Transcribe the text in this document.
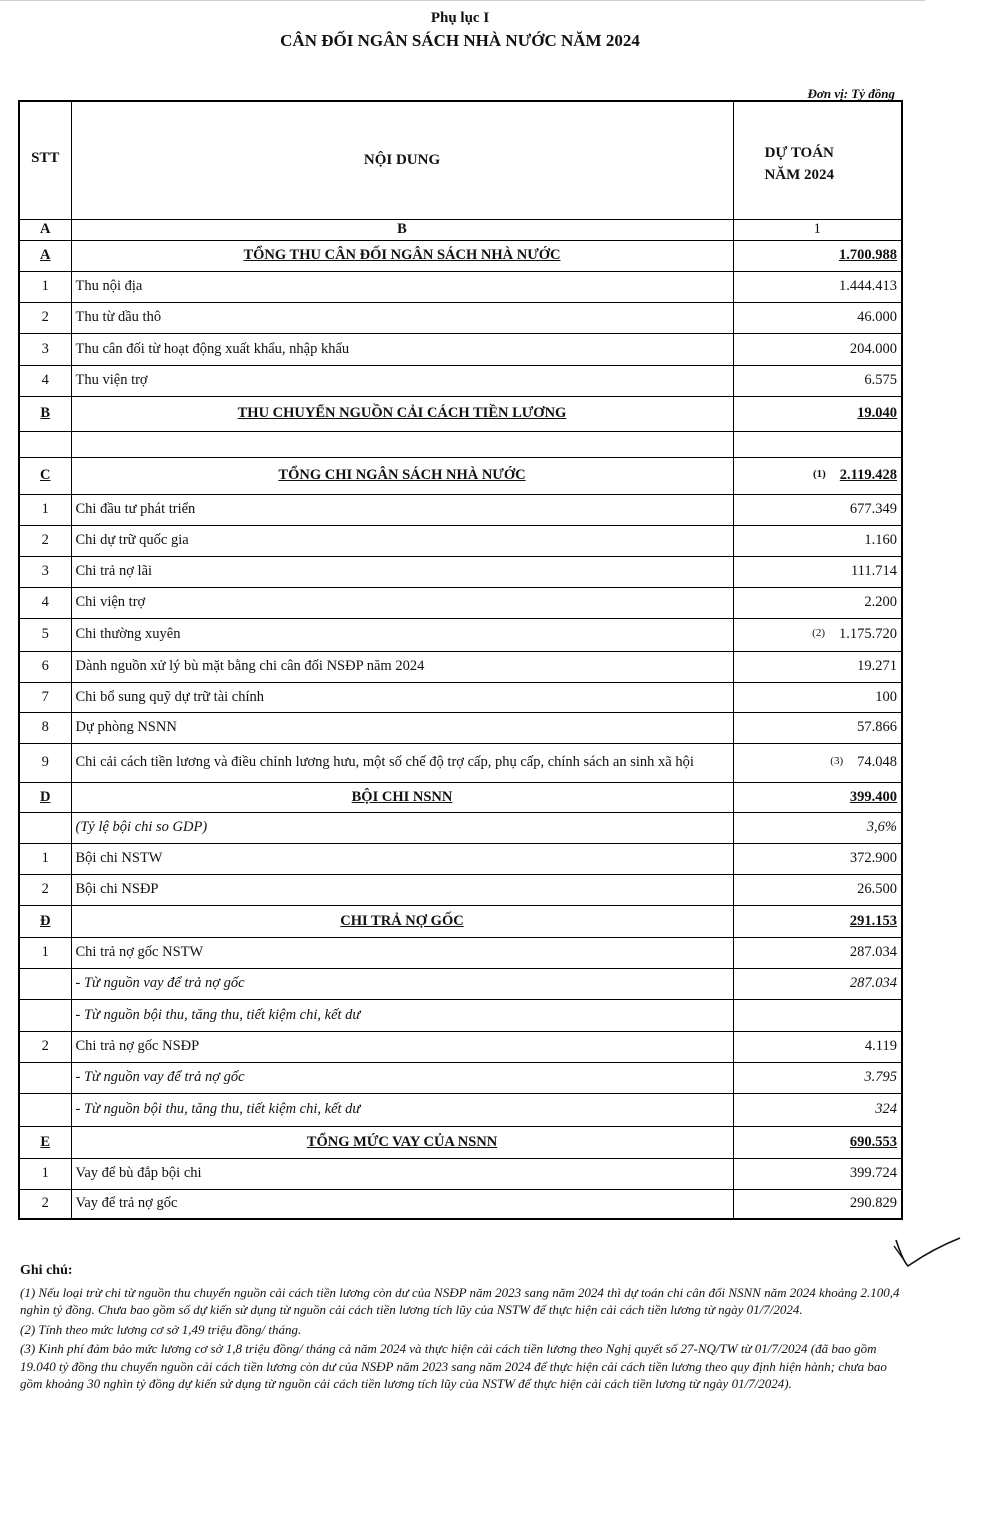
Phụ lục I
CÂN ĐỐI NGÂN SÁCH NHÀ NƯỚC NĂM 2024
Đơn vị: Tỷ đồng
STT	NỘI DUNG	DỰ TOÁN
NĂM 2024

A	B	1
A	TỔNG THU CÂN ĐỐI NGÂN SÁCH NHÀ NƯỚC	1.700.988
1	Thu nội địa	1.444.413
2	Thu từ dầu thô	46.000
3	Thu cân đối từ hoạt động xuất khẩu, nhập khẩu	204.000
4	Thu viện trợ	6.575
B	THU CHUYỂN NGUỒN CẢI CÁCH TIỀN LƯƠNG	19.040

C	TỔNG CHI NGÂN SÁCH NHÀ NƯỚC	(1) 2.119.428
1	Chi đầu tư phát triển	677.349
2	Chi dự trữ quốc gia	1.160
3	Chi trả nợ lãi	111.714
4	Chi viện trợ	2.200
5	Chi thường xuyên	(2) 1.175.720
6	Dành nguồn xử lý bù mặt bằng chi cân đối NSĐP năm 2024	19.271
7	Chi bổ sung quỹ dự trữ tài chính	100
8	Dự phòng NSNN	57.866
9	Chi cải cách tiền lương và điều chỉnh lương hưu, một số chế độ trợ cấp, phụ cấp, chính sách an sinh xã hội	(3) 74.048
D	BỘI CHI NSNN	399.400
	(Tỷ lệ bội chi so GDP)	3,6%
1	Bội chi NSTW	372.900
2	Bội chi NSĐP	26.500
Đ	CHI TRẢ NỢ GỐC	291.153
1	Chi trả nợ gốc NSTW	287.034
	- Từ nguồn vay để trả nợ gốc	287.034
	- Từ nguồn bội thu, tăng thu, tiết kiệm chi, kết dư	
2	Chi trả nợ gốc NSĐP	4.119
	- Từ nguồn vay để trả nợ gốc	3.795
	- Từ nguồn bội thu, tăng thu, tiết kiệm chi, kết dư	324
E	TỔNG MỨC VAY CỦA NSNN	690.553
1	Vay để bù đắp bội chi	399.724
2	Vay để trả nợ gốc	290.829
Ghi chú:

(1) Nếu loại trừ chi từ nguồn thu chuyển nguồn cải cách tiền lương còn dư của NSĐP năm 2023 sang năm 2024 thì dự toán chi cân đối NSNN năm 2024 khoảng 2.100,4 nghìn tỷ đồng. Chưa bao gồm số dự kiến sử dụng từ nguồn cải cách tiền lương tích lũy của NSTW để thực hiện cải cách tiền lương từ ngày 01/7/2024.

(2) Tính theo mức lương cơ sở 1,49 triệu đồng/ tháng.

(3) Kinh phí đảm bảo mức lương cơ sở 1,8 triệu đồng/ tháng cả năm 2024 và thực hiện cải cách tiền lương theo Nghị quyết số 27-NQ/TW từ 01/7/2024 (đã bao gồm 19.040 tỷ đồng thu chuyển nguồn cải cách tiền lương còn dư của NSĐP năm 2023 sang năm 2024 để thực hiện cải cách tiền lương theo quy định hiện hành; chưa bao gồm khoảng 30 nghìn tỷ đồng dự kiến sử dụng từ nguồn cải cách tiền lương tích lũy của NSTW để thực hiện cải cách tiền lương từ ngày 01/7/2024).
